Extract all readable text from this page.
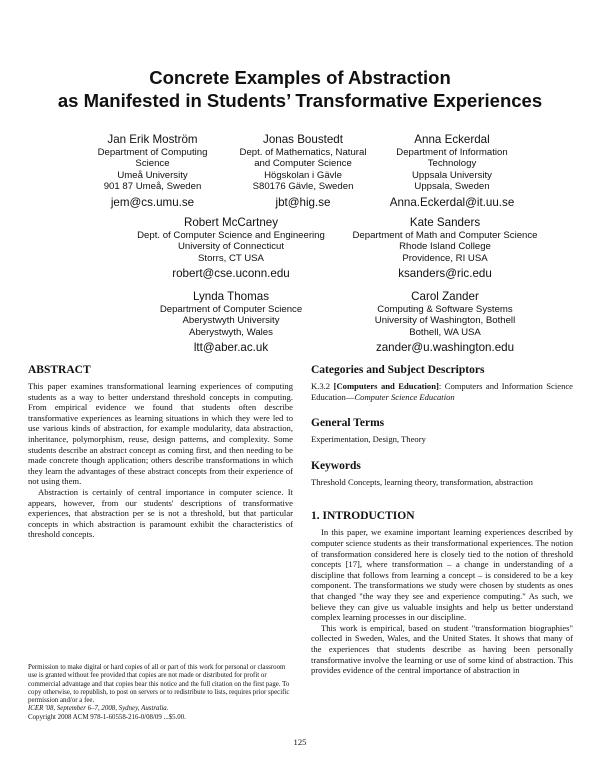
Concrete Examples of Abstraction
as Manifested in Students’ Transformative Experiences
Jan Erik Moström
Department of Computing
Science
Umeå University
901 87 Umeå, Sweden
jem@cs.umu.se
Jonas Boustedt
Dept. of Mathematics, Natural
and Computer Science
Högskolan i Gävle
S80176 Gävle, Sweden
jbt@hig.se
Anna Eckerdal
Department of Information
Technology
Uppsala University
Uppsala, Sweden
Anna.Eckerdal@it.uu.se
Robert McCartney
Dept. of Computer Science and Engineering
University of Connecticut
Storrs, CT USA
robert@cse.uconn.edu
Kate Sanders
Department of Math and Computer Science
Rhode Island College
Providence, RI USA
ksanders@ric.edu
Lynda Thomas
Department of Computer Science
Aberystwyth University
Aberystwyth, Wales
ltt@aber.ac.uk
Carol Zander
Computing & Software Systems
University of Washington, Bothell
Bothell, WA USA
zander@u.washington.edu
ABSTRACT

This paper examines transformational learning experiences of computing students as a way to better understand threshold concepts in computing. From empirical evidence we found that students often describe transformative experiences as learning situations in which they were led to use various kinds of abstraction, for example modularity, data abstraction, inheritance, polymorphism, reuse, design patterns, and complexity. Some students describe an abstract concept as coming first, and then needing to be made concrete though application; others describe transformations in which they learn the advantages of these abstract concepts from their experience of not using them.

Abstraction is certainly of central importance in computer science. It appears, however, from our students' descriptions of transformative experiences, that abstraction per se is not a threshold, but that particular concepts in which abstraction is paramount exhibit the characteristics of threshold concepts.

Permission to make digital or hard copies of all or part of this work for personal or classroom use is granted without fee provided that copies are not made or distributed for profit or commercial advantage and that copies bear this notice and the full citation on the first page. To copy otherwise, to republish, to post on servers or to redistribute to lists, requires prior specific permission and/or a fee.

ICER '08, September 6–7, 2008, Sydney, Australia.

Copyright 2008 ACM 978-1-60558-216-0/08/09 ...$5.00.

Categories and Subject Descriptors

K.3.2 [Computers and Education]: Computers and Information Science Education—Computer Science Education

General Terms

Experimentation, Design, Theory

Keywords

Threshold Concepts, learning theory, transformation, abstraction

1. INTRODUCTION

In this paper, we examine important learning experiences described by computer science students as their transformational experiences. The notion of transformation considered here is closely tied to the notion of threshold concepts [17], where transformation – a change in understanding of a discipline that follows from learning a concept – is considered to be a key component. The transformations we study were chosen by students as ones that changed "the way they see and experience computing." As such, we believe they can give us valuable insights and help us better understand complex learning processes in our discipline.

This work is empirical, based on student "transformation biographies" collected in Sweden, Wales, and the United States. It shows that many of the experiences that students describe as having been personally transformative involve the learning or use of some kind of abstraction. This provides evidence of the central importance of abstraction in

125
